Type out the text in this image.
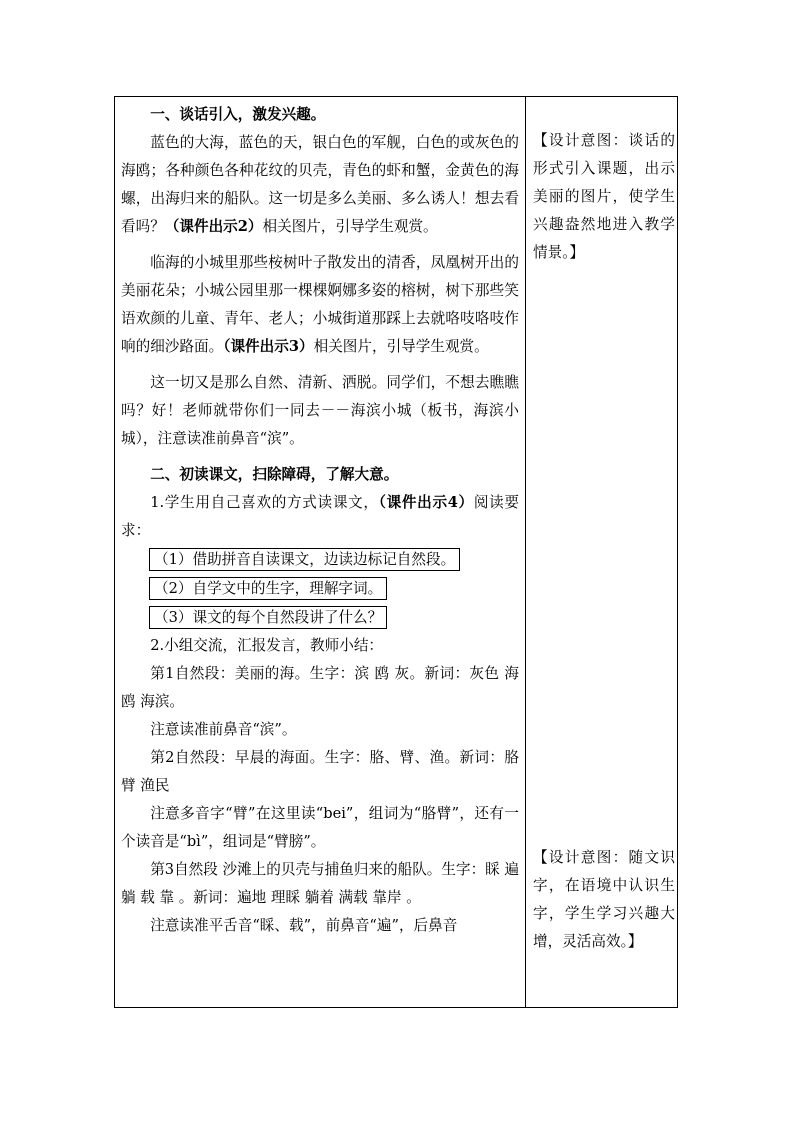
一、谈话引入，激发兴趣。

蓝色的大海，蓝色的天，银白色的军舰，白色的或灰色的海鸥；各种颜色各种花纹的贝壳，青色的虾和蟹，金黄色的海螺，出海归来的船队。这一切是多么美丽、多么诱人！想去看看吗？（课件出示2）相关图片，引导学生观赏。

临海的小城里那些桉树叶子散发出的清香，凤凰树开出的美丽花朵；小城公园里那一棵棵婀娜多姿的榕树，树下那些笑语欢颜的儿童、青年、老人；小城街道那踩上去就咯吱咯吱作响的细沙路面。（课件出示3）相关图片，引导学生观赏。

这一切又是那么自然、清新、洒脱。同学们，不想去瞧瞧吗？好！老师就带你们一同去－－海滨小城（板书，海滨小城），注意读准前鼻音“滨”。

二、初读课文，扫除障碍，了解大意。

1.学生用自己喜欢的方式读课文，（课件出示4）阅读要求：

（1）借助拼音自读课文，边读边标记自然段。
（2）自学文中的生字，理解字词。
（3）课文的每个自然段讲了什么？

2.小组交流，汇报发言，教师小结：

第1自然段：美丽的海。生字：滨 鸥 灰。新词：灰色 海鸥 海滨。

注意读准前鼻音“滨”。

第2自然段：早晨的海面。生字：胳、臂、渔。新词：胳臂 渔民

注意多音字“臂”在这里读“bei”，组词为“胳臂”，还有一个读音是“bì”，组词是“臂膀”。

第3自然段 沙滩上的贝壳与捕鱼归来的船队。生字：睬 遍 躺 载 靠 。新词：遍地 理睬 躺着 满载 靠岸 。

注意读准平舌音“睬、载”，前鼻音“遍”，后鼻音

【设计意图：谈话的形式引入课题，出示美丽的图片，使学生兴趣盎然地进入教学情景。】

【设计意图：随文识字，在语境中认识生字，学生学习兴趣大增，灵活高效。】
